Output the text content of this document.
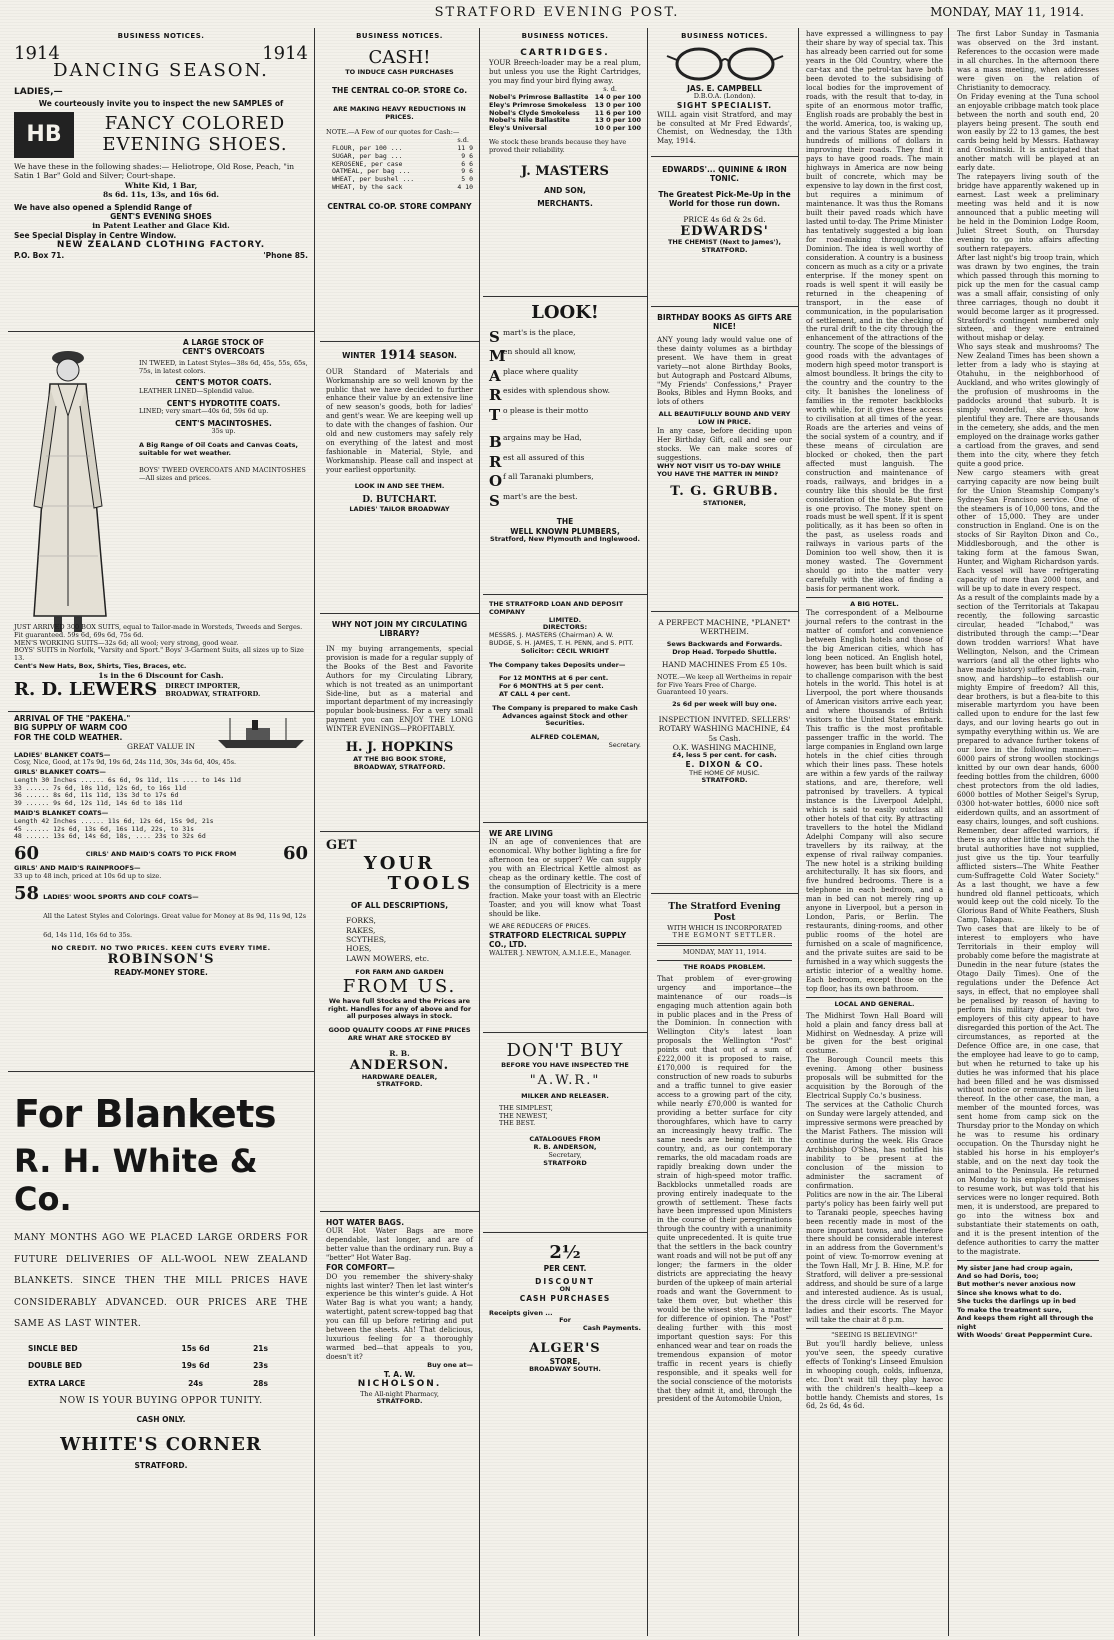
STRATFORD EVENING POST.	MONDAY, MAY 11, 1914.
BUSINESS NOTICES.
1914	1914
DANCING SEASON.
LADIES,—
We courteously invite you to inspect the new SAMPLES of
HB	FANCY COLORED EVENING SHOES.
We have these in the following shades:— Heliotrope, Old Rose, Peach, "in Satin 1 Bar" Gold and Silver; Court-shape.
White Kid, 1 Bar,
8s 6d. 11s, 13s, and 16s 6d.
We have also opened a Splendid Range of
GENT'S EVENING SHOES
in Patent Leather and Glace Kid.
See Special Display in Centre Window.
NEW ZEALAND CLOTHING FACTORY.
P.O. Box 71.	'Phone 85.
A LARGE STOCK OF
CENT'S OVERCOATS
IN TWEED, in Latest Styles—38s 6d, 45s, 55s, 65s, 75s, in latest colors.
CENT'S MOTOR COATS.
LEATHER LINED—Splendid value.
CENT'S HYDROTITE COATS.
LINED; very smart—40s 6d, 59s 6d up.
CENT'S MACINTOSHES.
35s up.
A Big Range of Oil Coats and Canvas Coats, suitable for wet weather.
BOYS' TWEED OVERCOATS AND MACINTOSHES—All sizes and prices.
JUST ARRIVED 300 BOX SUITS, equal to Tailor-made in Worsteds, Tweeds and Serges. Fit guaranteed. 59s 6d, 69s 6d, 75s 6d.
MEN'S WORKING SUITS—32s 6d; all wool; very strong, good wear.
BOYS' SUITS in Norfolk, "Varsity and Sport." Boys' 3-Garment Suits, all sizes up to Size 13.
Cent's New Hats, Box, Shirts, Ties, Braces, etc.
1s in the 6 Discount for Cash.
R. D. LEWERS DIRECT IMPORTER,
BROADWAY, STRATFORD.
ARRIVAL OF THE "PAKEHA."
BIG SUPPLY OF WARM COO
FOR THE COLD WEATHER.
GREAT VALUE IN
LADIES' BLANKET COATS—
Cosy, Nice, Good, at 17s 9d, 19s 6d, 24s 11d, 30s, 34s 6d, 40s, 45s.
GIRLS' BLANKET COATS—
Length 30 Inches ...... 6s 6d, 9s 11d, 11s .... to 14s 11d
33 ...... 7s 6d, 10s 11d, 12s 6d, to 16s 11d
36 ...... 8s 6d, 11s 11d, 13s 3d to 17s 6d
39 ...... 9s 6d, 12s 11d, 14s 6d to 18s 11d
MAID'S BLANKET COATS—
Length 42 Inches ...... 11s 6d, 12s 6d, 15s 9d, 21s
45 ...... 12s 6d, 13s 6d, 16s 11d, 22s, to 31s
48 ...... 13s 6d, 14s 6d, 18s, .... 23s to 32s 6d
60	CIRLS' AND MAID'S COATS TO PICK FROM	60
GIRLS' AND MAID'S RAINPROOFS—
33 up to 48 inch, priced at 10s 6d up to size.
58 LADIES' WOOL SPORTS AND COLF COATS—
All the Latest Styles and Colorings. Great value for Money at 8s 9d, 11s 9d, 12s 6d, 14s 11d, 16s 6d to 35s.
NO CREDIT. NO TWO PRICES. KEEN CUTS EVERY TIME.
ROBINSON'S
READY-MONEY STORE.
For Blankets
R. H. White & Co.
MANY MONTHS AGO WE PLACED LARGE ORDERS FOR FUTURE DELIVERIES OF ALL-WOOL NEW ZEALAND BLANKETS. SINCE THEN THE MILL PRICES HAVE CONSIDERABLY ADVANCED. OUR PRICES ARE THE SAME AS LAST WINTER.
SINCLE BED	15s 6d	21s
DOUBLE BED	19s 6d	23s
EXTRA LARCE	24s	28s
NOW IS YOUR BUYING OPPOR TUNITY.
CASH ONLY.
WHITE'S CORNER
STRATFORD.
BUSINESS NOTICES.
CASH!
TO INDUCE CASH PURCHASES
THE CENTRAL CO-OP. STORE Co.
ARE MAKING HEAVY REDUCTIONS IN PRICES.
NOTE.—A Few of our quotes for Cash:—
s.d.
FLOUR, per 100 ...	11 9
SUGAR, per bag ...	9 6
KEROSENE, per case	6 6
OATMEAL, per bag ...	9 6
WHEAT, per bushel ...	5 0
WHEAT, by the sack	4 10
CENTRAL CO-OP. STORE COMPANY
WINTER 1914 SEASON.
OUR Standard of Materials and Workmanship are so well known by the public that we have decided to further enhance their value by an extensive line of new season's goods, both for ladies' and gent's wear. We are keeping well up to date with the changes of fashion. Our old and new customers may safely rely on everything of the latest and most fashionable in Material, Style, and Workmanship. Please call and inspect at your earliest opportunity.
LOOK IN AND SEE THEM.
D. BUTCHART.
LADIES' TAILOR BROADWAY
WHY NOT JOIN MY CIRCULATING LIBRARY?
IN my buying arrangements, special provision is made for a regular supply of the Books of the Best and Favorite Authors for my Circulating Library, which is not treated as an unimportant Side-line, but as a material and important department of my increasingly popular book-business. For a very small payment you can ENJOY THE LONG WINTER EVENINGS—PROFITABLY.
H. J. HOPKINS
AT THE BIG BOOK STORE,
BROADWAY, STRATFORD.
GET
YOUR
TOOLS
OF ALL DESCRIPTIONS,
FORKS,
RAKES,
SCYTHES,
HOES,
LAWN MOWERS, etc.
FOR FARM AND GARDEN
FROM US.
We have full Stocks and the Prices are right. Handles for any of above and for all purposes always in stock.
GOOD QUALITY COODS AT FINE PRICES ARE WHAT ARE STOCKED BY
R. B.
ANDERSON.
HARDWARE DEALER,
STRATFORD.
HOT WATER BAGS.
OUR Hot Water Bags are more dependable, last longer, and are of better value than the ordinary run. Buy a "better" Hot Water Bag.
FOR COMFORT—
DO you remember the shivery-shaky nights last winter? Then let last winter's experience be this winter's guide. A Hot Water Bag is what you want; a handy, watertight, patent screw-topped bag that you can fill up before retiring and put between the sheets. Ah! That delicious, luxurious feeling for a thoroughly warmed bed—that appeals to you, doesn't it?
Buy one at—
T. A. W.
NICHOLSON.
The All-night Pharmacy,
STRATFORD.
BUSINESS NOTICES.
CARTRIDGES.
YOUR Breech-loader may be a real plum, but unless you use the Right Cartridges, you may find your bird flying away.
s. d.
Nobel's Primrose Ballastite 14 0 per 100
Eley's Primrose Smokeless 13 0 per 100
Nobel's Clyde Smokeless 11 6 per 100
Nobel's Nile Ballastite	13 0 per 100
Eley's Universal	10 0 per 100
We stock these brands because they have proved their reliability.
J. MASTERS
AND SON,
MERCHANTS.
LOOK!
S mart's is the place,
M
en should all know,
A place where quality
R esides with splendous show.
T o please is their motto
B argains may be Had,
R est all assured of this
O f all Taranaki plumbers,
S mart's are the best.
THE
WELL KNOWN PLUMBERS,
Stratford, New Plymouth and Inglewood.
THE STRATFORD LOAN AND DEPOSIT COMPANY
LIMITED.
DIRECTORS:
MESSRS. J. MASTERS (Chairman) A. W. BUDGE, S. H. JAMES, T. H. PENN, and S. PITT.
Solicitor: CECIL WRIGHT
The Company takes Deposits under—
For 12 MONTHS at 6 per cent.
For 6 MONTHS at 5 per cent.
AT CALL 4 per cent.
The Company is prepared to make Cash Advances against Stock and other Securities.
ALFRED COLEMAN,
Secretary.
WE ARE LIVING
IN an age of conveniences that are economical. Why bother lighting a fire for afternoon tea or supper? We can supply you with an Electrical Kettle almost as cheap as the ordinary kettle. The cost of the consumption of Electricity is a mere fraction. Make your toast with an Electric Toaster, and you will know what Toast should be like.
WE ARE REDUCERS OF PRICES.
STRATFORD ELECTRICAL SUPPLY CO., LTD.
WALTER J. NEWTON, A.M.I.E.E., Manager.
DON'T BUY
BEFORE YOU HAVE INSPECTED THE
"A.W.R."
MILKER AND RELEASER.
THE SIMPLEST,
THE NEWEST,
THE BEST.
CATALOGUES FROM
R. B. ANDERSON,
Secretary,
STRATFORD
2½
PER CENT.
DISCOUNT
ON
CASH PURCHASES
Receipts given ...
For
Cash Payments.
ALGER'S
STORE,
BROADWAY SOUTH.
BUSINESS NOTICES.
JAS. E. CAMPBELL
D.B.O.A. (London).
SIGHT SPECIALIST.
WILL again visit Stratford, and may be consulted at Mr Fred Edwards', Chemist, on Wednesday, the 13th May, 1914.
EDWARDS'... QUININE & IRON TONIC.
The Greatest Pick-Me-Up in the World for those run down.
PRICE 4s 6d & 2s 6d.
EDWARDS'
THE CHEMIST (Next to James'),
STRATFORD.
BIRTHDAY BOOKS AS GIFTS ARE NICE!
ANY young lady would value one of these dainty volumes as a birthday present. We have them in great variety—not alone Birthday Books, but Autograph and Postcard Albums, "My Friends' Confessions," Prayer Books, Bibles and Hymn Books, and lots of others
ALL BEAUTIFULLY BOUND AND VERY LOW IN PRICE.
In any case, before deciding upon Her Birthday Gift, call and see our stocks. We can make scores of suggestions.
WHY NOT VISIT US TO-DAY WHILE YOU HAVE THE MATTER IN MIND?
T. G. GRUBB.
STATIONER,
A PERFECT MACHINE, "PLANET" WERTHEIM.
Sews Backwards and Forwards. Drop Head. Torpedo Shuttle.
HAND MACHINES From £5 10s.
NOTE.—We keep all Wertheims in repair for Five Years Free of Charge. Guaranteed 10 years.
2s 6d per week will buy one.
INSPECTION INVITED. SELLERS' ROTARY WASHING MACHINE, £4 5s Cash.
O.K. WASHING MACHINE,
£4, less 5 per cent. for cash.
E. DIXON & CO.
THE HOME OF MUSIC.
STRATFORD.
The Stratford Evening Post
WITH WHICH IS INCORPORATED
THE EGMONT SETTLER.
MONDAY, MAY 11, 1914.
THE ROADS PROBLEM.
That problem of ever-growing urgency and importance—the maintenance of our roads—is engaging much attention again both in public places and in the Press of the Dominion. In connection with Wellington City's latest loan proposals the Wellington "Post" points out that out of a sum of £222,000 it is proposed to raise, £170,000 is required for the construction of new roads to suburbs and a traffic tunnel to give easier access to a growing part of the city, while nearly £70,000 is wanted for providing a better surface for city thoroughfares, which have to carry an increasingly heavy traffic. The same needs are being felt in the country, and, as our contemporary remarks, the old macadam roads are rapidly breaking down under the strain of high-speed motor traffic. Backblocks unmetalled roads are proving entirely inadequate to the growth of settlement. These facts have been impressed upon Ministers in the course of their peregrinations through the country with a unanimity quite unprecedented. It is quite true that the settlers in the back country want roads and will not be put off any longer; the farmers in the older districts are appreciating the heavy burden of the upkeep of main arterial roads and want the Government to take them over, but whether this would be the wisest step is a matter for difference of opinion. The "Post" dealing further with this most important question says: For this enhanced wear and tear on roads the tremendous expansion of motor traffic in recent years is chiefly responsible, and it speaks well for the social conscience of the motorists that they admit it, and, through the president of the Automobile Union,
have expressed a willingness to pay their share by way of special tax. This has already been carried out for some years in the Old Country, where the car-tax and the petrol-tax have both been devoted to the subsidising of local bodies for the improvement of roads, with the result that to-day, in spite of an enormous motor traffic, English roads are probably the best in the world. America, too, is waking up, and the various States are spending hundreds of millions of dollars in improving their roads. They find it pays to have good roads. The main highways in America are now being built of concrete, which may be expensive to lay down in the first cost, but requires a minimum of maintenance. It was thus the Romans built their paved roads which have lasted until to-day. The Prime Minister has tentatively suggested a big loan for road-making throughout the Dominion. The idea is well worthy of consideration. A country is a business concern as much as a city or a private enterprise. If the money spent on roads is well spent it will easily be returned in the cheapening of transport, in the ease of communication, in the popularisation of settlement, and in the checking of the rural drift to the city through the enhancement of the attractions of the country. The scope of the blessings of good roads with the advantages of modern high speed motor transport is almost boundless. It brings the city to the country and the country to the city. It banishes the loneliness of families in the remoter backblocks worth while, for it gives these access to civilisation at all times of the year. Roads are the arteries and veins of the social system of a country, and if these means of circulation are blocked or choked, then the part affected must languish. The construction and maintenance of roads, railways, and bridges in a country like this should be the first consideration of the State. But there is one proviso. The money spent on roads must be well spent. If it is spent politically, as it has been so often in the past, as useless roads and railways in various parts of the Dominion too well show, then it is money wasted. The Government should go into the matter very carefully with the idea of finding a basis for permanent work.
A BIG HOTEL.
The correspondent of a Melbourne journal refers to the contrast in the matter of comfort and convenience between English hotels and those of the big American cities, which has long been noticed. An English hotel, however, has been built which is said to challenge comparison with the best hotels in the world. This hotel is at Liverpool, the port where thousands of American visitors arrive each year, and where thousands of British visitors to the United States embark. This traffic is the most profitable passenger traffic in the world. The large companies in England own large hotels in the chief cities through which their lines pass. These hotels are within a few yards of the railway stations, and are, therefore, well patronised by travellers. A typical instance is the Liverpool Adelphi, which is said to easily outclass all other hotels of that city. By attracting travellers to the hotel the Midland Adelphi Company will also secure travellers by its railway, at the expense of rival railway companies. The new hotel is a striking building architecturally. It has six floors, and five hundred bedrooms. There is a telephone in each bedroom, and a man in bed can not merely ring up anyone in Liverpool, but a person in London, Paris, or Berlin. The restaurants, dining-rooms, and other public rooms of the hotel are furnished on a scale of magnificence, and the private suites are said to be furnished in a way which suggests the artistic interior of a wealthy home. Each bedroom, except those on the top floor, has its own bathroom.
LOCAL AND GENERAL.
The Midhirst Town Hall Board will hold a plain and fancy dress ball at Midhirst on Wednesday. A prize will be given for the best original costume.
The Borough Council meets this evening. Among other business proposals will be submitted for the acquisition by the Borough of the Electrical Supply Co.'s business.
The services at the Catholic Church on Sunday were largely attended, and impressive sermons were preached by the Marist Fathers. The mission will continue during the week. His Grace Archbishop O'Shea, has notified his inability to be present at the conclusion of the mission to administer the sacrament of confirmation.
Politics are now in the air. The Liberal party's policy has been fairly well put to Taranaki people, speeches having been recently made in most of the more important towns, and therefore there should be considerable interest in an address from the Government's point of view. To-morrow evening at the Town Hall, Mr J. B. Hine, M.P. for Stratford, will deliver a pre-sessional address, and should be sure of a large and interested audience. As is usual, the dress circle will be reserved for ladies and their escorts. The Mayor will take the chair at 8 p.m.
"SEEING IS BELIEVING!"
But you'll hardly believe, unless you've seen, the speedy curative effects of Tonking's Linseed Emulsion in whooping cough, colds, influenza, etc. Don't wait till they play havoc with the children's health—keep a bottle handy. Chemists and stores, 1s 6d, 2s 6d, 4s 6d.
The first Labor Sunday in Tasmania was observed on the 3rd instant. References to the occasion were made in all churches. In the afternoon there was a mass meeting, when addresses were given on the relation of Christianity to democracy.
On Friday evening at the Tuna school an enjoyable cribbage match took place between the north and south end, 20 players being present. The south end won easily by 22 to 13 games, the best cards being held by Messrs. Hathaway and Groshinski. It is anticipated that another match will be played at an early date.
The ratepayers living south of the bridge have apparently wakened up in earnest. Last week a preliminary meeting was held and it is now announced that a public meeting will be held in the Dominion Lodge Room, Juliet Street South, on Thursday evening to go into affairs affecting southern ratepayers.
After last night's big troop train, which was drawn by two engines, the train which passed through this morning to pick up the men for the casual camp was a small affair, consisting of only three carriages, though no doubt it would become larger as it progressed. Stratford's contingent numbered only sixteen, and they were entrained without mishap or delay.
Who says steak and mushrooms? The New Zealand Times has been shown a letter from a lady who is staying at Otahuhu, in the neighborhood of Auckland, and who writes glowingly of the profusion of mushrooms in the paddocks around that suburb. It is simply wonderful, she says, how plentiful they are. There are thousands in the cemetery, she adds, and the men employed on the drainage works gather a cartload from the graves, and send them into the city, where they fetch quite a good price.
New cargo steamers with great carrying capacity are now being built for the Union Steamship Company's Sydney-San Francisco service. One of the steamers is of 10,000 tons, and the other of 15,000. They are under construction in England. One is on the stocks of Sir Raylton Dixon and Co., Middlesborough, and the other is taking form at the famous Swan, Hunter, and Wigham Richardson yards. Each vessel will have refrigerating capacity of more than 2000 tons, and will be up to date in every respect.
As a result of the complaints made by a section of the Territorials at Takapau recently, the following sarcastic circular, headed "Ichabod," was distributed through the camp:—"Dear down trodden warriors! What have Wellington, Nelson, and the Crimean warriors (and all the other lights who have made history) suffered from—rain, snow, and hardship—to establish our mighty Empire of freedom? All this, dear brothers, is but a flea-bite to this miserable martyrdom you have been called upon to endure for the last few days, and our loving hearts go out in sympathy everything within us. We are prepared to advance further tokens of our love in the following manner:—6000 pairs of strong woollen stockings knitted by our own dear hands, 6000 feeding bottles from the children, 6000 chest protectors from the old ladies, 6000 bottles of Mother Seigel's Syrup, 0300 hot-water bottles, 6000 nice soft eiderdown quilts, and an assortment of easy chairs, lounges, and soft cushions. Remember, dear affected warriors, if there is any other little thing which the brutal authorities have not supplied, just give us the tip. Your tearfully afflicted sisters—The White Feather cum-Suffragette Cold Water Society." As a last thought, we have a few hundred old flannel petticoats, which would keep out the cold nicely. To the Glorious Band of White Feathers, Slush Camp, Takapau.
Two cases that are likely to be of interest to employers who have Territorials in their employ will probably come before the magistrate at Dunedin in the near future (states the Otago Daily Times). One of the regulations under the Defence Act says, in effect, that no employee shall be penalised by reason of having to perform his military duties, but two employers of this city appear to have disregarded this portion of the Act. The circumstances, as reported at the Defence Office are, in one case, that the employee had leave to go to camp, but when he returned to take up his duties he was informed that his place had been filled and he was dismissed without notice or remuneration in lieu thereof. In the other case, the man, a member of the mounted forces, was sent home from camp sick on the Thursday prior to the Monday on which he was to resume his ordinary occupation. On the Thursday night he stabled his horse in his employer's stable, and on the next day took the animal to the Peninsula. He returned on Monday to his employer's premises to resume work, but was told that his services were no longer required. Both men, it is understood, are prepared to go into the witness box and substantiate their statements on oath, and it is the present intention of the defence authorities to carry the matter to the magistrate.
My sister Jane had croup again,
And so had Doris, too;
But mother's never anxious now
Since she knows what to do.
She tucks the darlings up in bed
To make the treatment sure,
And keeps them right all through the night
With Woods' Great Peppermint Cure.
